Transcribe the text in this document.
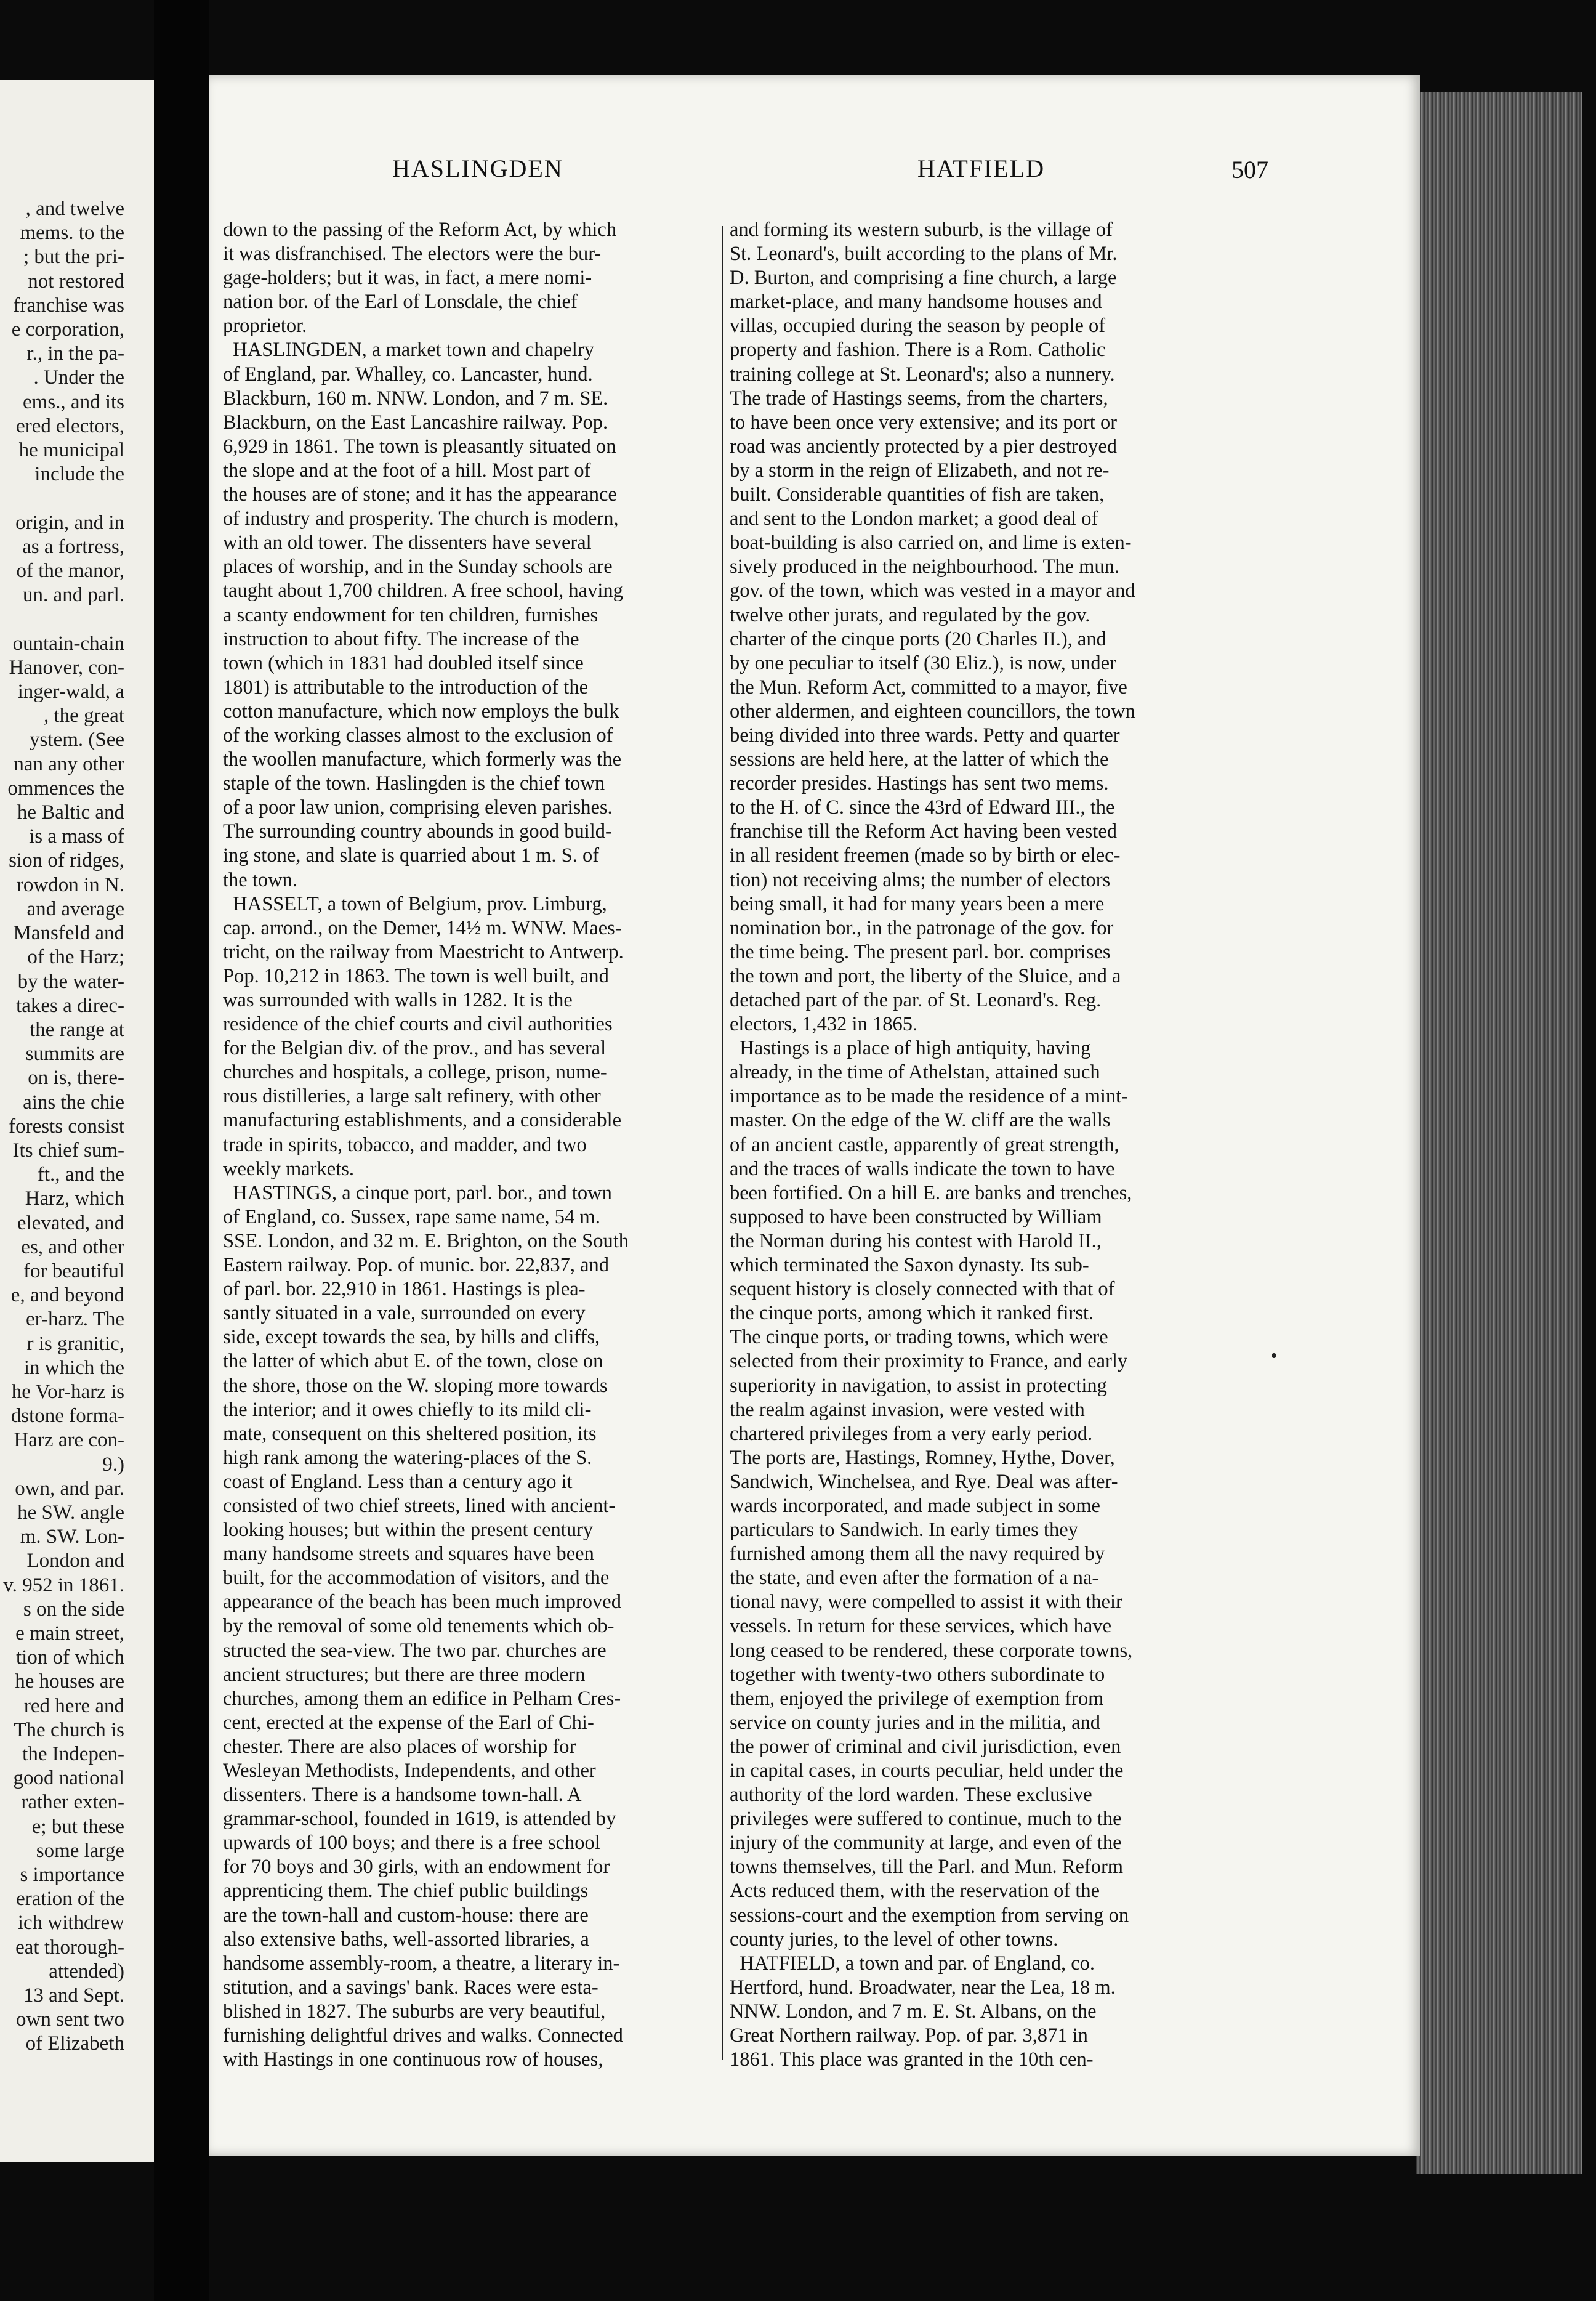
, and twelve
mems. to the
; but the pri-
not restored
franchise was
e corporation,
r., in the pa-
. Under the
ems., and its
ered electors,
he municipal
include the

origin, and in
as a fortress,
of the manor,
un. and parl.

ountain-chain
Hanover, con-
inger-wald, a
, the great
ystem. (See
nan any other
ommences the
he Baltic and
is a mass of
sion of ridges,
rowdon in N.
and average
Mansfeld and
of the Harz;
by the water-
takes a direc-
the range at
summits are
on is, there-
ains the chie
forests consist
Its chief sum-
ft., and the
Harz, which
elevated, and
es, and other
for beautiful
e, and beyond
er-harz. The
r is granitic,
in which the
he Vor-harz is
dstone forma-
Harz are con-
9.)
own, and par.
he SW. angle
m. SW. Lon-
London and
v. 952 in 1861.
s on the side
e main street,
tion of which
he houses are
red here and
The church is
the Indepen-
good national
rather exten-
e; but these
some large
s importance
eration of the
ich withdrew
eat thorough-
attended)
13 and Sept.
own sent two
of Elizabeth
HASLINGDEN	HATFIELD	507
down to the passing of the Reform Act, by which
it was disfranchised. The electors were the bur-
gage-holders; but it was, in fact, a mere nomi-
nation bor. of the Earl of Lonsdale, the chief
proprietor.
HASLINGDEN, a market town and chapelry
of England, par. Whalley, co. Lancaster, hund.
Blackburn, 160 m. NNW. London, and 7 m. SE.
Blackburn, on the East Lancashire railway. Pop.
6,929 in 1861. The town is pleasantly situated on
the slope and at the foot of a hill. Most part of
the houses are of stone; and it has the appearance
of industry and prosperity. The church is modern,
with an old tower. The dissenters have several
places of worship, and in the Sunday schools are
taught about 1,700 children. A free school, having
a scanty endowment for ten children, furnishes
instruction to about fifty. The increase of the
town (which in 1831 had doubled itself since
1801) is attributable to the introduction of the
cotton manufacture, which now employs the bulk
of the working classes almost to the exclusion of
the woollen manufacture, which formerly was the
staple of the town. Haslingden is the chief town
of a poor law union, comprising eleven parishes.
The surrounding country abounds in good build-
ing stone, and slate is quarried about 1 m. S. of
the town.
HASSELT, a town of Belgium, prov. Limburg,
cap. arrond., on the Demer, 14½ m. WNW. Maes-
tricht, on the railway from Maestricht to Antwerp.
Pop. 10,212 in 1863. The town is well built, and
was surrounded with walls in 1282. It is the
residence of the chief courts and civil authorities
for the Belgian div. of the prov., and has several
churches and hospitals, a college, prison, nume-
rous distilleries, a large salt refinery, with other
manufacturing establishments, and a considerable
trade in spirits, tobacco, and madder, and two
weekly markets.
HASTINGS, a cinque port, parl. bor., and town
of England, co. Sussex, rape same name, 54 m.
SSE. London, and 32 m. E. Brighton, on the South
Eastern railway. Pop. of munic. bor. 22,837, and
of parl. bor. 22,910 in 1861. Hastings is plea-
santly situated in a vale, surrounded on every
side, except towards the sea, by hills and cliffs,
the latter of which abut E. of the town, close on
the shore, those on the W. sloping more towards
the interior; and it owes chiefly to its mild cli-
mate, consequent on this sheltered position, its
high rank among the watering-places of the S.
coast of England. Less than a century ago it
consisted of two chief streets, lined with ancient-
looking houses; but within the present century
many handsome streets and squares have been
built, for the accommodation of visitors, and the
appearance of the beach has been much improved
by the removal of some old tenements which ob-
structed the sea-view. The two par. churches are
ancient structures; but there are three modern
churches, among them an edifice in Pelham Cres-
cent, erected at the expense of the Earl of Chi-
chester. There are also places of worship for
Wesleyan Methodists, Independents, and other
dissenters. There is a handsome town-hall. A
grammar-school, founded in 1619, is attended by
upwards of 100 boys; and there is a free school
for 70 boys and 30 girls, with an endowment for
apprenticing them. The chief public buildings
are the town-hall and custom-house: there are
also extensive baths, well-assorted libraries, a
handsome assembly-room, a theatre, a literary in-
stitution, and a savings' bank. Races were esta-
blished in 1827. The suburbs are very beautiful,
furnishing delightful drives and walks. Connected
with Hastings in one continuous row of houses,
and forming its western suburb, is the village of
St. Leonard's, built according to the plans of Mr.
D. Burton, and comprising a fine church, a large
market-place, and many handsome houses and
villas, occupied during the season by people of
property and fashion. There is a Rom. Catholic
training college at St. Leonard's; also a nunnery.
The trade of Hastings seems, from the charters,
to have been once very extensive; and its port or
road was anciently protected by a pier destroyed
by a storm in the reign of Elizabeth, and not re-
built. Considerable quantities of fish are taken,
and sent to the London market; a good deal of
boat-building is also carried on, and lime is exten-
sively produced in the neighbourhood. The mun.
gov. of the town, which was vested in a mayor and
twelve other jurats, and regulated by the gov.
charter of the cinque ports (20 Charles II.), and
by one peculiar to itself (30 Eliz.), is now, under
the Mun. Reform Act, committed to a mayor, five
other aldermen, and eighteen councillors, the town
being divided into three wards. Petty and quarter
sessions are held here, at the latter of which the
recorder presides. Hastings has sent two mems.
to the H. of C. since the 43rd of Edward III., the
franchise till the Reform Act having been vested
in all resident freemen (made so by birth or elec-
tion) not receiving alms; the number of electors
being small, it had for many years been a mere
nomination bor., in the patronage of the gov. for
the time being. The present parl. bor. comprises
the town and port, the liberty of the Sluice, and a
detached part of the par. of St. Leonard's. Reg.
electors, 1,432 in 1865.
Hastings is a place of high antiquity, having
already, in the time of Athelstan, attained such
importance as to be made the residence of a mint-
master. On the edge of the W. cliff are the walls
of an ancient castle, apparently of great strength,
and the traces of walls indicate the town to have
been fortified. On a hill E. are banks and trenches,
supposed to have been constructed by William
the Norman during his contest with Harold II.,
which terminated the Saxon dynasty. Its sub-
sequent history is closely connected with that of
the cinque ports, among which it ranked first.
The cinque ports, or trading towns, which were
selected from their proximity to France, and early
superiority in navigation, to assist in protecting
the realm against invasion, were vested with
chartered privileges from a very early period.
The ports are, Hastings, Romney, Hythe, Dover,
Sandwich, Winchelsea, and Rye. Deal was after-
wards incorporated, and made subject in some
particulars to Sandwich. In early times they
furnished among them all the navy required by
the state, and even after the formation of a na-
tional navy, were compelled to assist it with their
vessels. In return for these services, which have
long ceased to be rendered, these corporate towns,
together with twenty-two others subordinate to
them, enjoyed the privilege of exemption from
service on county juries and in the militia, and
the power of criminal and civil jurisdiction, even
in capital cases, in courts peculiar, held under the
authority of the lord warden. These exclusive
privileges were suffered to continue, much to the
injury of the community at large, and even of the
towns themselves, till the Parl. and Mun. Reform
Acts reduced them, with the reservation of the
sessions-court and the exemption from serving on
county juries, to the level of other towns.
HATFIELD, a town and par. of England, co.
Hertford, hund. Broadwater, near the Lea, 18 m.
NNW. London, and 7 m. E. St. Albans, on the
Great Northern railway. Pop. of par. 3,871 in
1861. This place was granted in the 10th cen-
